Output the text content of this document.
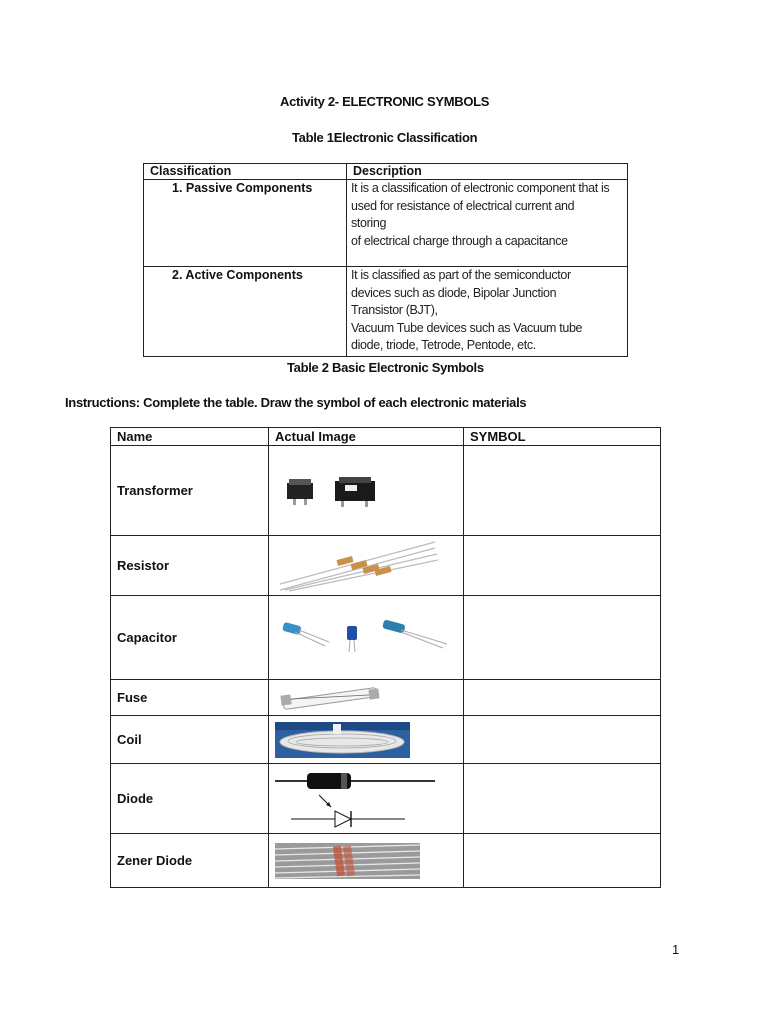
Activity 2- ELECTRONIC SYMBOLS
Table 1Electronic Classification
Classification	Description
1. Passive Components	It is a classification of electronic component that is
used for resistance of electrical current and
storing
of electrical charge through a capacitance

2. Active Components	It is classified as part of the semiconductor
devices such as diode, Bipolar Junction
Transistor (BJT),
Vacuum Tube devices such as Vacuum tube
diode, triode, Tetrode, Pentode, etc.
Table 2 Basic Electronic Symbols
Instructions: Complete the table. Draw the symbol of each electronic materials
Name	Actual Image	SYMBOL
Transformer	

Resistor	

Capacitor	

Fuse	

Coil	

Diode	

Zener Diode	

1
